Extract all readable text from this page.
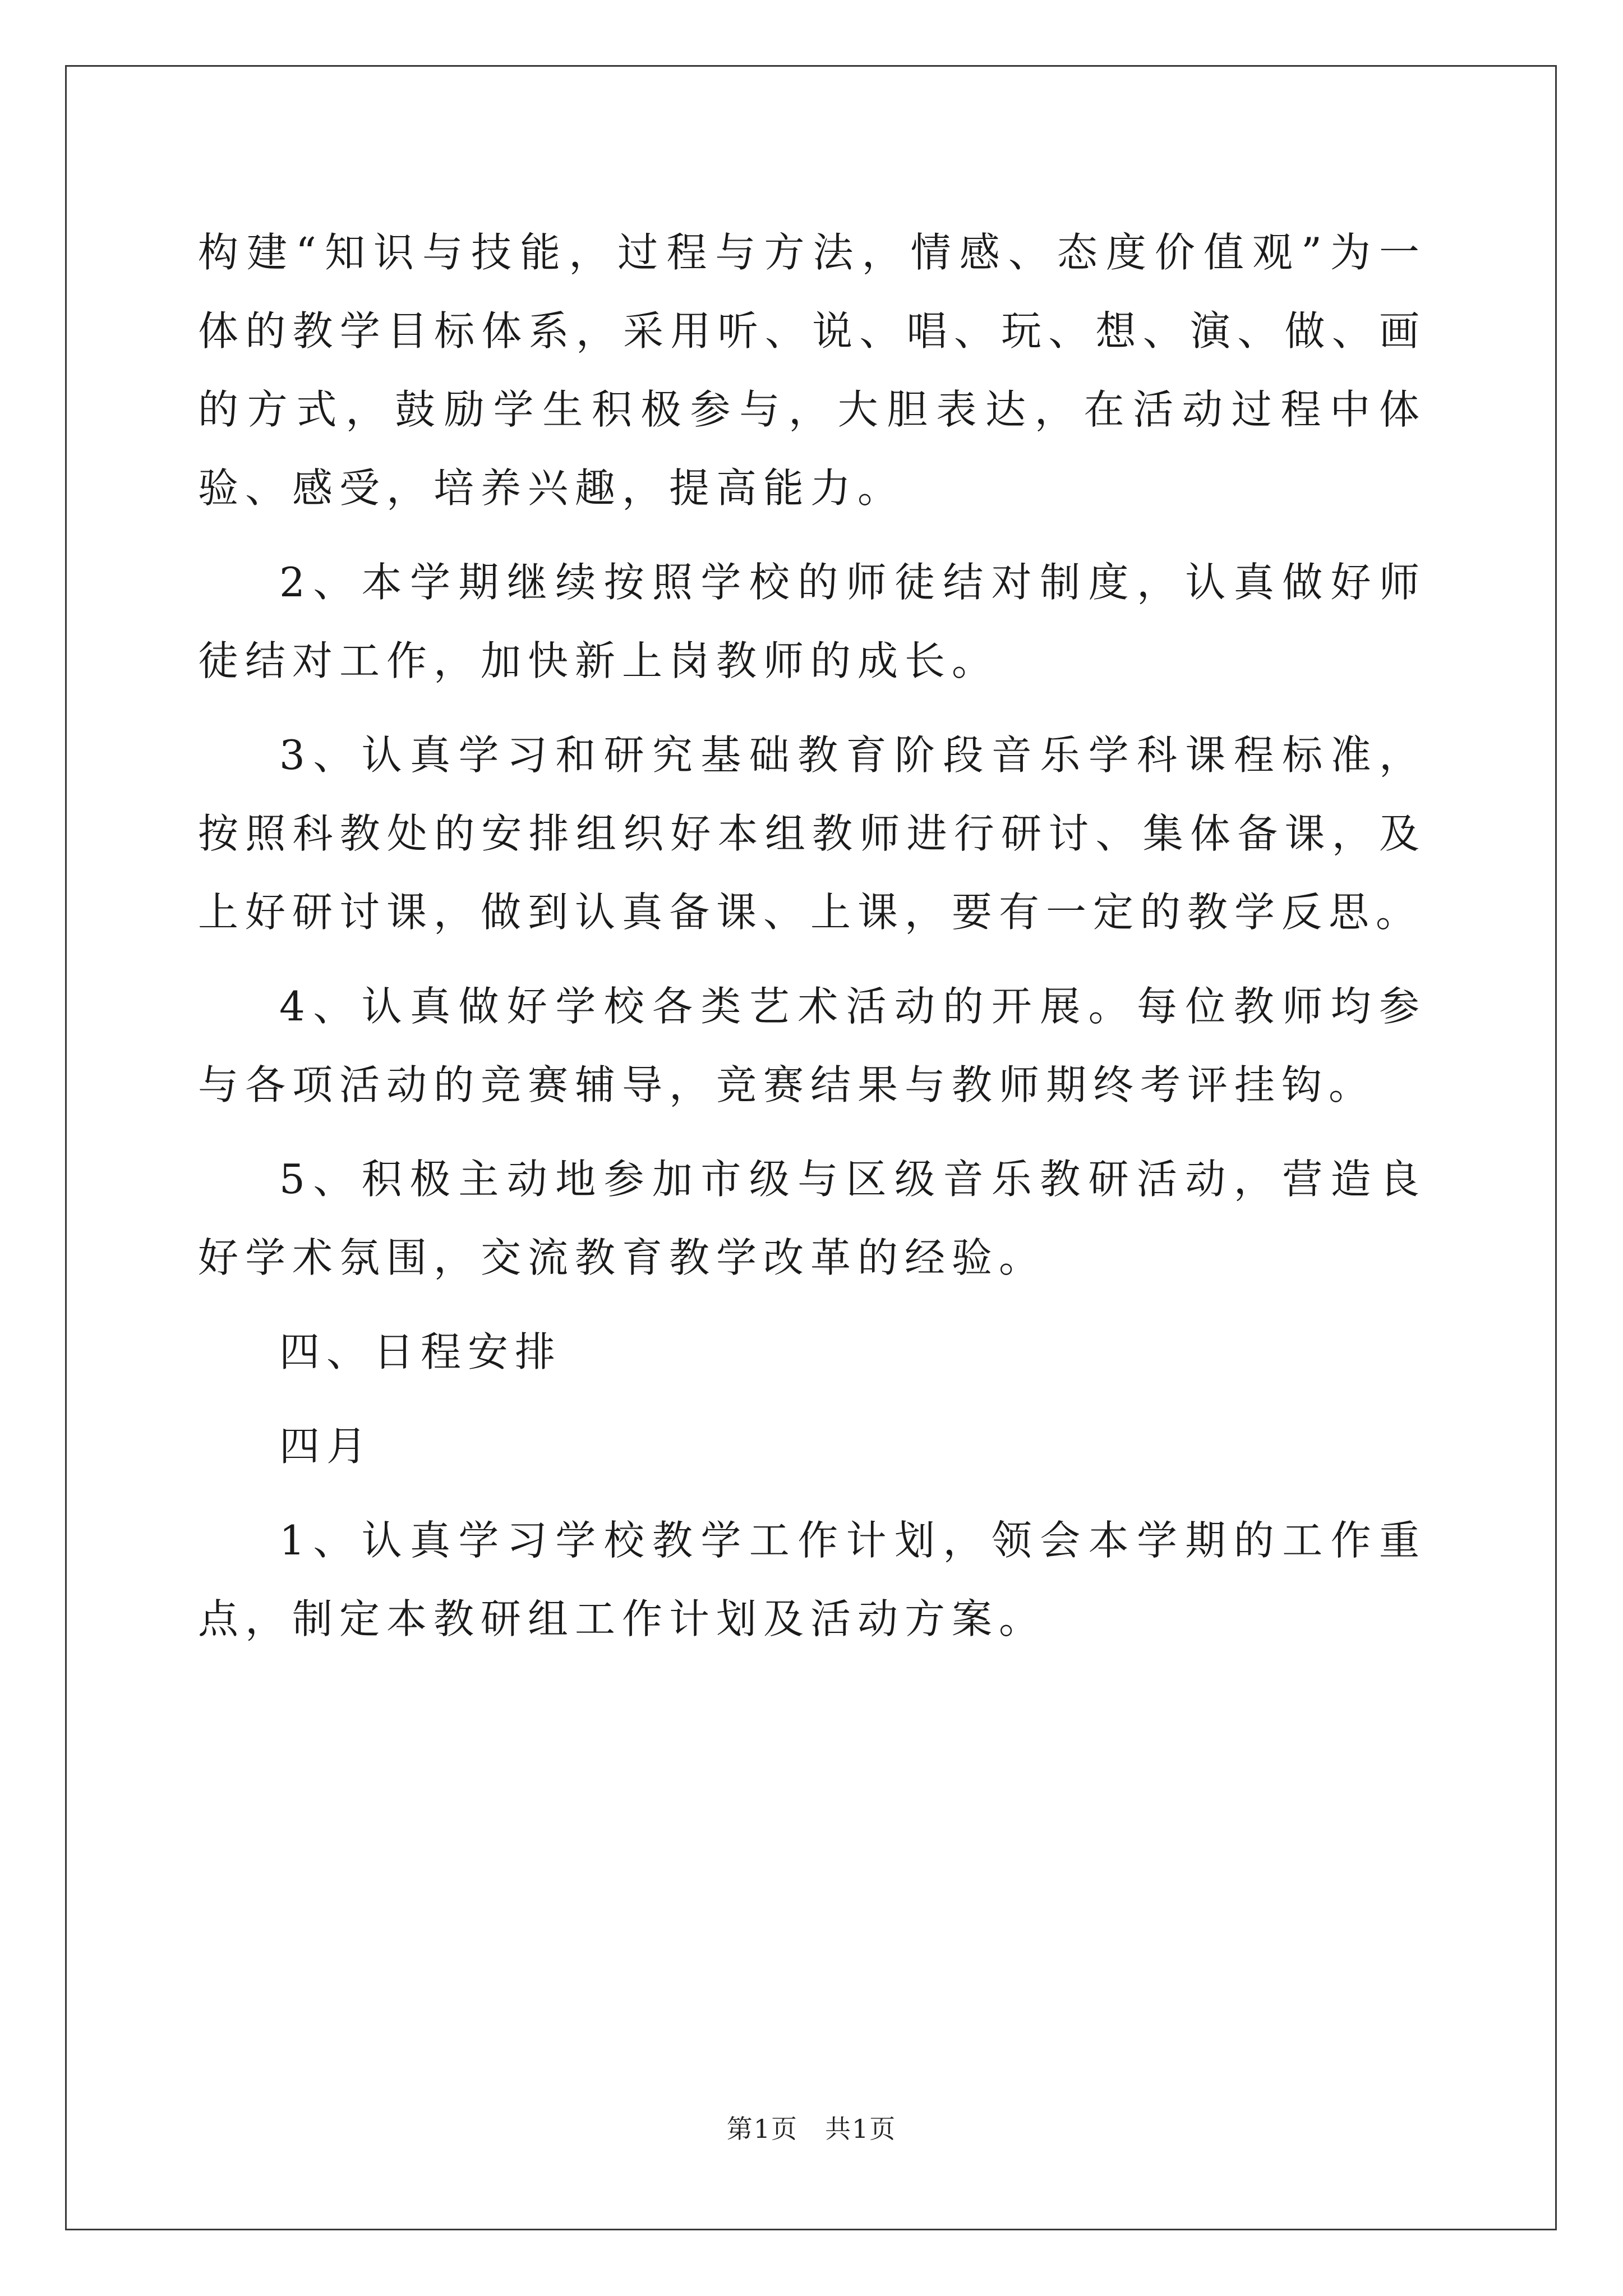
构建“知识与技能，过程与方法，情感、态度价值观”为一体的教学目标体系，采用听、说、唱、玩、想、演、做、画的方式，鼓励学生积极参与，大胆表达，在活动过程中体验、感受，培养兴趣，提高能力。

2、本学期继续按照学校的师徒结对制度，认真做好师徒结对工作，加快新上岗教师的成长。

3、认真学习和研究基础教育阶段音乐学科课程标准，按照科教处的安排组织好本组教师进行研讨、集体备课，及上好研讨课，做到认真备课、上课，要有一定的教学反思。

4、认真做好学校各类艺术活动的开展。每位教师均参与各项活动的竞赛辅导，竞赛结果与教师期终考评挂钩。

5、积极主动地参加市级与区级音乐教研活动，营造良好学术氛围，交流教育教学改革的经验。

四、日程安排

四月

1、认真学习学校教学工作计划，领会本学期的工作重点，制定本教研组工作计划及活动方案。

第1页　共1页
